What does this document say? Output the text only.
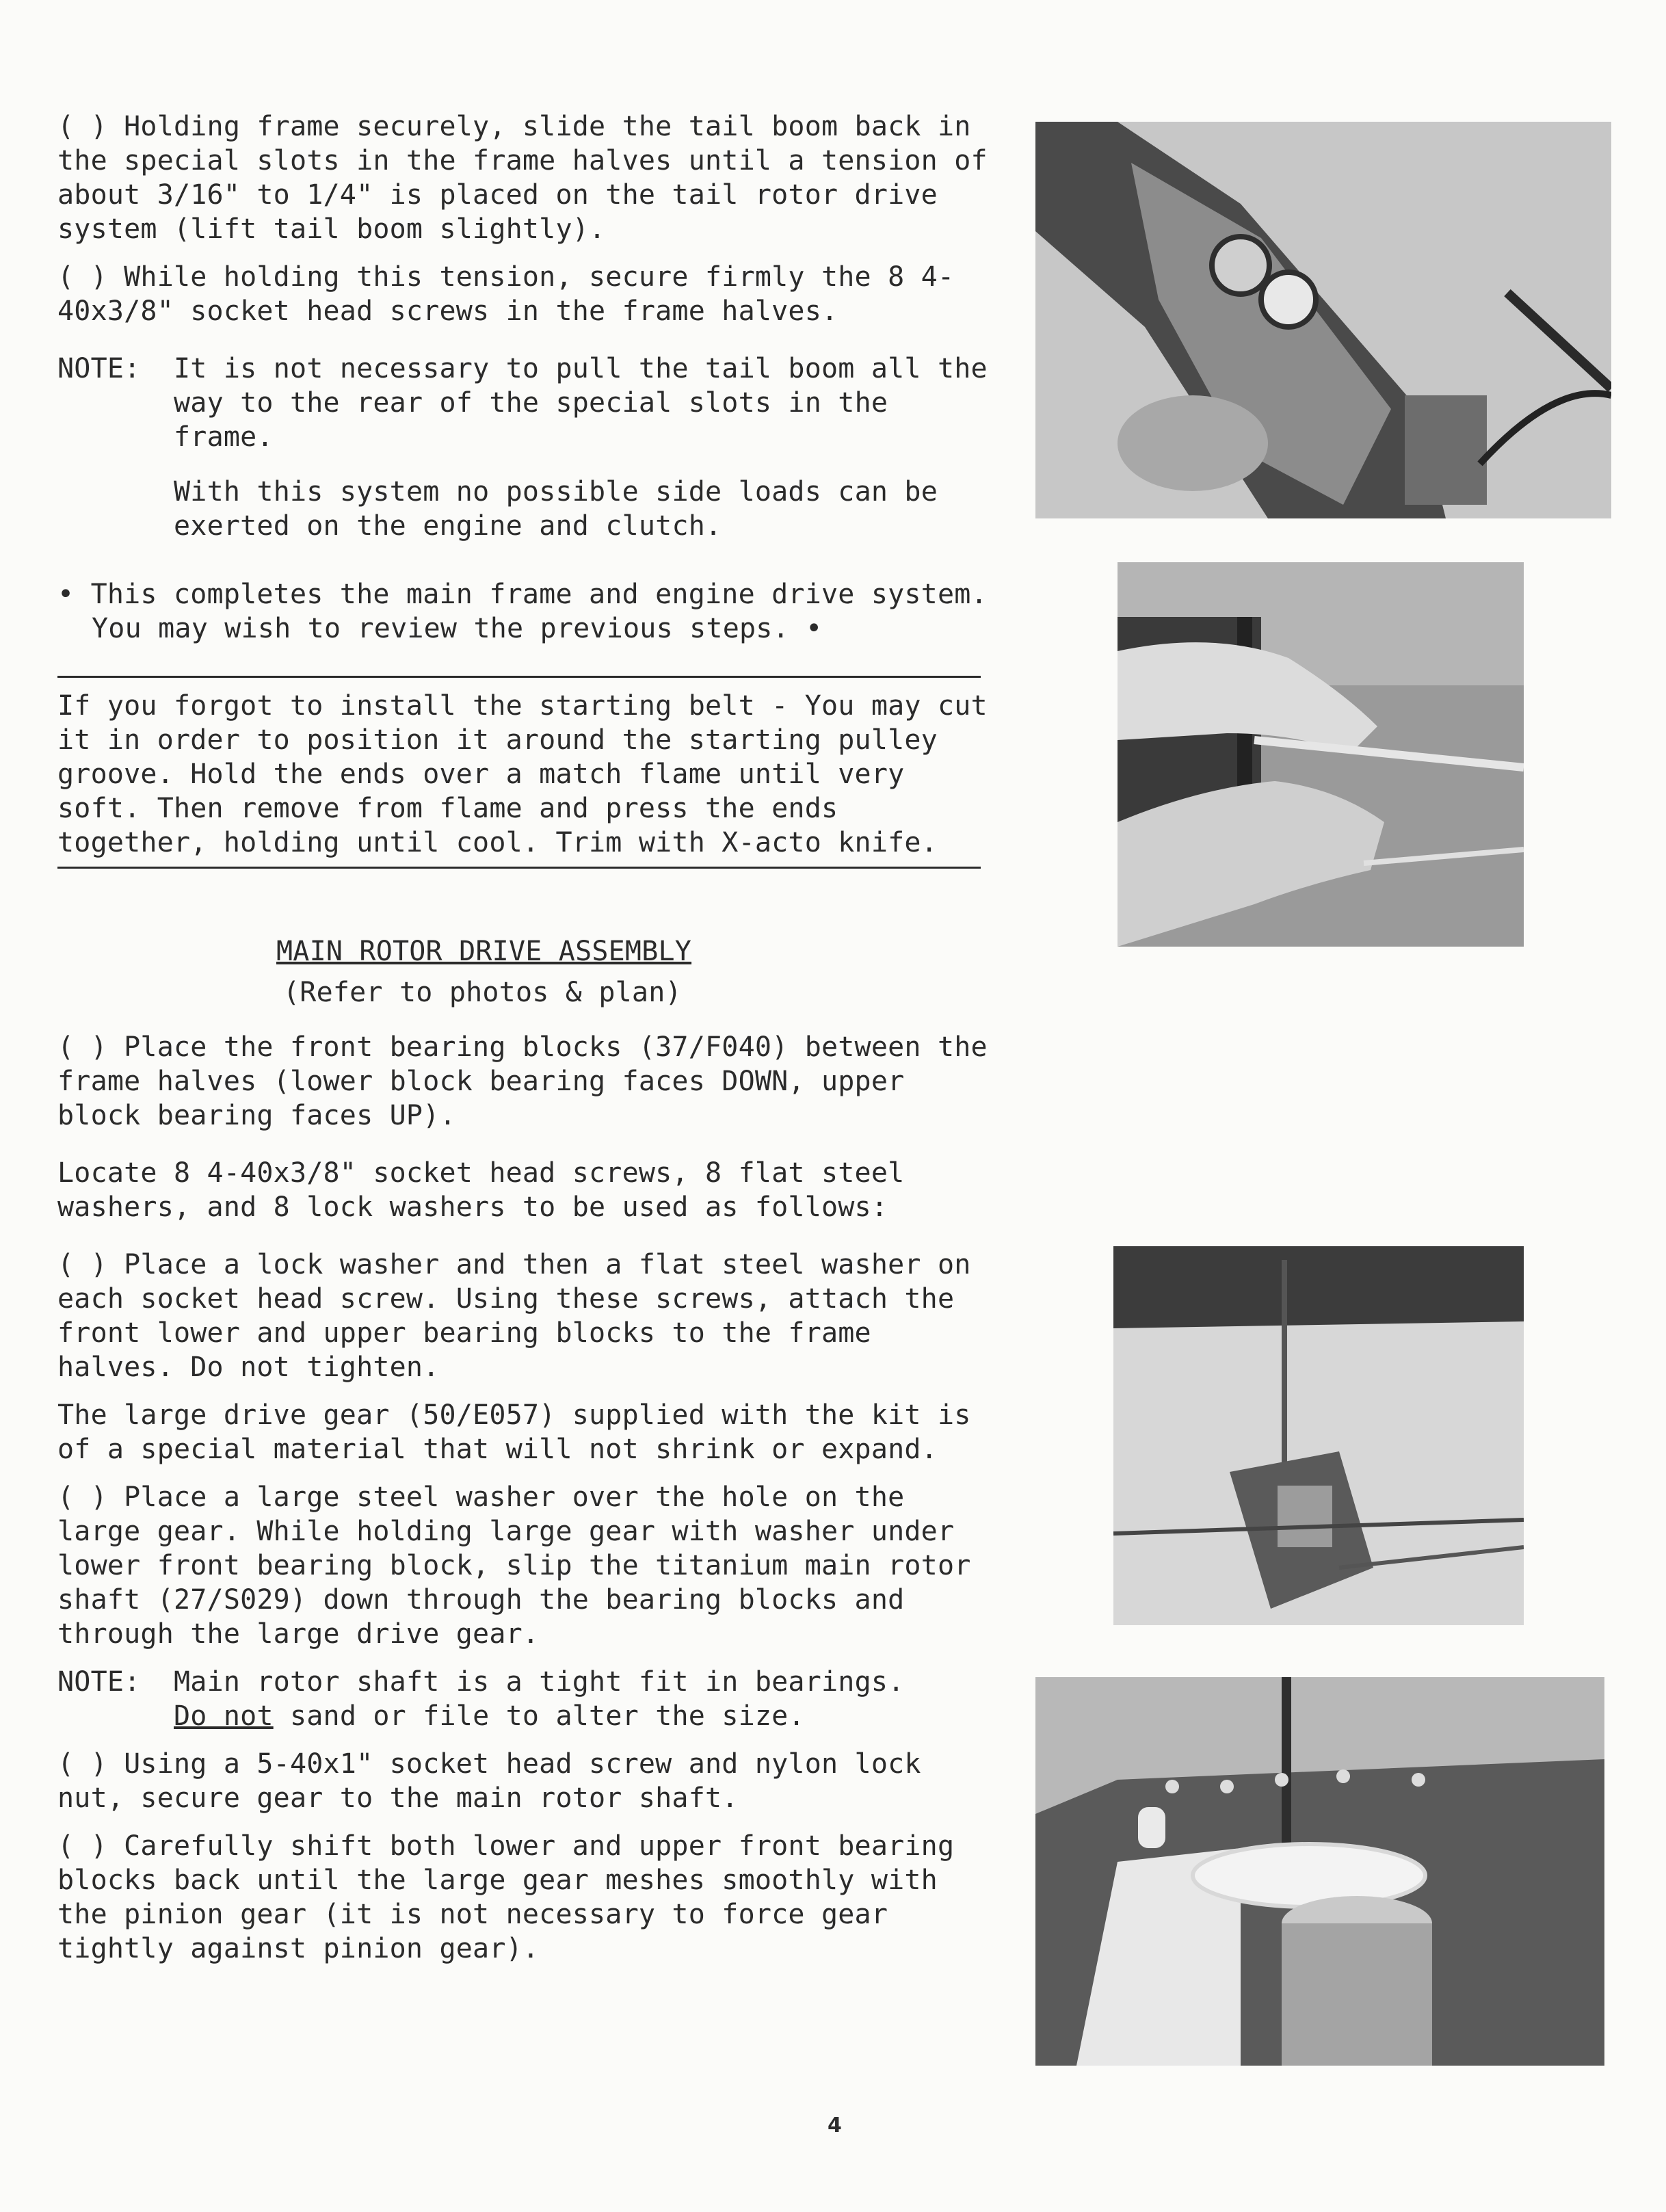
( ) Holding frame securely, slide the tail boom back in the special slots in the frame halves until a tension of about 3/16" to 1/4" is placed on the tail rotor drive system (lift tail boom slightly).

( ) While holding this tension, secure firmly the 8 4-40x3/8" socket head screws in the frame halves.

NOTE:	It is not necessary to pull the tail boom all the way to the rear of the special slots in the frame.

With this system no possible side loads can be exerted on the engine and clutch.

• This completes the main frame and engine drive system. You may wish to review the previous steps. •

If you forgot to install the starting belt - You may cut it in order to position it around the starting pulley groove. Hold the ends over a match flame until very soft. Then remove from flame and press the ends together, holding until cool. Trim with X-acto knife.

MAIN ROTOR DRIVE ASSEMBLY
(Refer to photos & plan)

( ) Place the front bearing blocks (37/F040) between the frame halves (lower block bearing faces DOWN, upper block bearing faces UP).

Locate 8 4-40x3/8" socket head screws, 8 flat steel washers, and 8 lock washers to be used as follows:

( ) Place a lock washer and then a flat steel washer on each socket head screw. Using these screws, attach the front lower and upper bearing blocks to the frame halves. Do not tighten.

The large drive gear (50/E057) supplied with the kit is of a special material that will not shrink or expand.

( ) Place a large steel washer over the hole on the large gear. While holding large gear with washer under lower front bearing block, slip the titanium main rotor shaft (27/S029) down through the bearing blocks and through the large drive gear.

NOTE:	Main rotor shaft is a tight fit in bearings.
Do not sand or file to alter the size.

( ) Using a 5-40x1" socket head screw and nylon lock nut, secure gear to the main rotor shaft.

( ) Carefully shift both lower and upper front bearing blocks back until the large gear meshes smoothly with the pinion gear (it is not necessary to force gear tightly against pinion gear).

4
